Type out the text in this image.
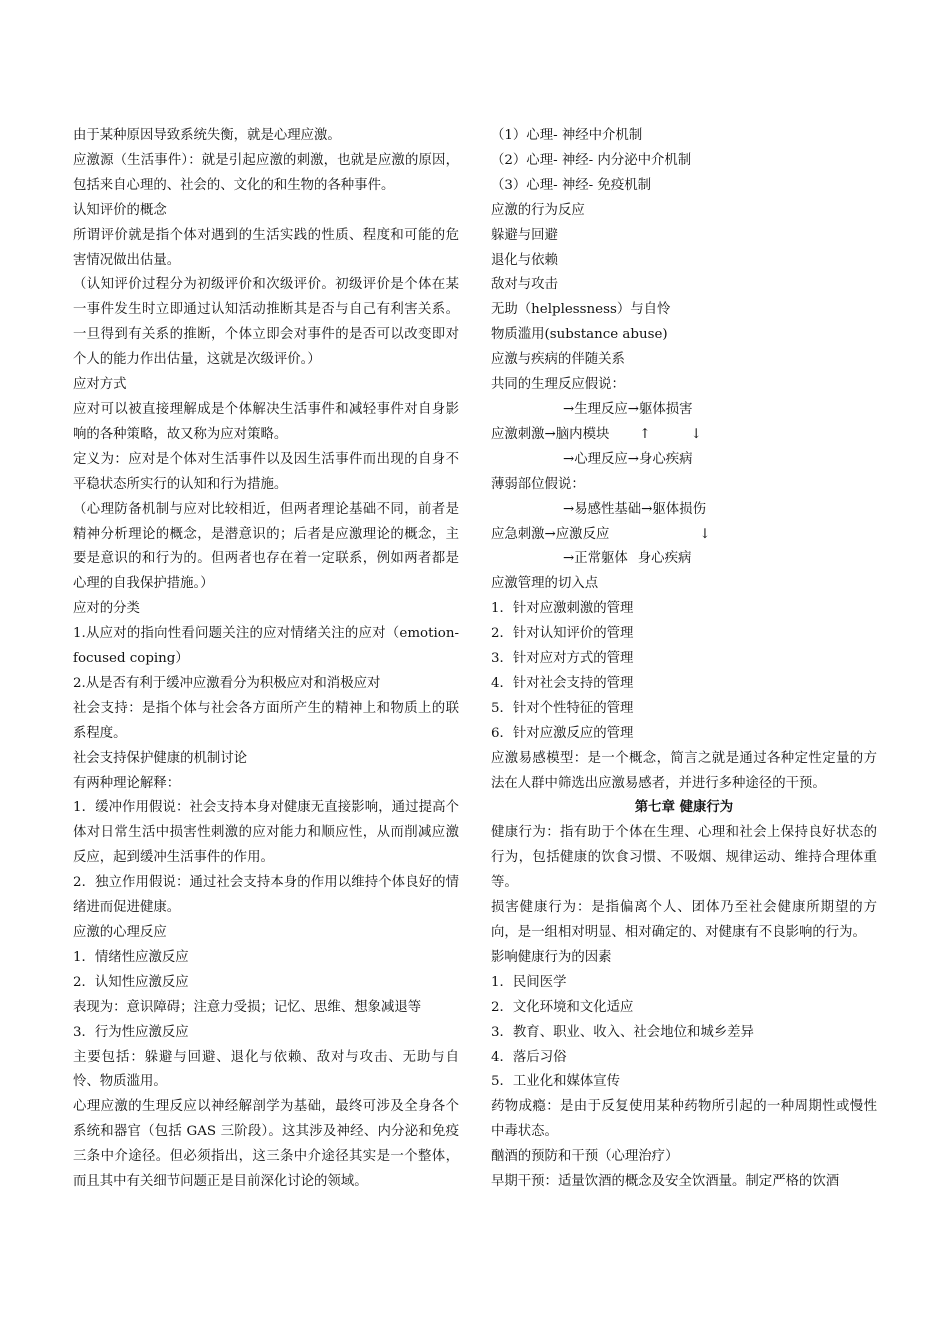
由于某种原因导致系统失衡，就是心理应激。

应激源（生活事件）：就是引起应激的刺激，也就是应激的原因，包括来自心理的、社会的、文化的和生物的各种事件。

认知评价的概念

所谓评价就是指个体对遇到的生活实践的性质、程度和可能的危害情况做出估量。

（认知评价过程分为初级评价和次级评价。初级评价是个体在某一事件发生时立即通过认知活动推断其是否与自己有利害关系。一旦得到有关系的推断，个体立即会对事件的是否可以改变即对个人的能力作出估量，这就是次级评价。）

应对方式

应对可以被直接理解成是个体解决生活事件和减轻事件对自身影响的各种策略，故又称为应对策略。

定义为：应对是个体对生活事件以及因生活事件而出现的自身不平稳状态所实行的认知和行为措施。

（心理防备机制与应对比较相近，但两者理论基础不同，前者是精神分析理论的概念，是潜意识的；后者是应激理论的概念，主要是意识的和行为的。但两者也存在着一定联系，例如两者都是心理的自我保护措施。）

应对的分类

1.从应对的指向性看问题关注的应对情绪关注的应对（emotion-focused coping）

2.从是否有利于缓冲应激看分为积极应对和消极应对

社会支持：是指个体与社会各方面所产生的精神上和物质上的联系程度。

社会支持保护健康的机制讨论

有两种理论解释：

1．缓冲作用假说：社会支持本身对健康无直接影响，通过提高个体对日常生活中损害性刺激的应对能力和顺应性，从而削减应激反应，起到缓冲生活事件的作用。

2．独立作用假说：通过社会支持本身的作用以维持个体良好的情绪进而促进健康。

应激的心理反应

1．情绪性应激反应

2．认知性应激反应

表现为：意识障碍；注意力受损；记忆、思维、想象减退等

3．行为性应激反应

主要包括：躲避与回避、退化与依赖、敌对与攻击、无助与自怜、物质滥用。

心理应激的生理反应以神经解剖学为基础，最终可涉及全身各个系统和器官（包括 GAS 三阶段）。这其涉及神经、内分泌和免疫三条中介途径。但必须指出，这三条中介途径其实是一个整体，而且其中有关细节问题正是目前深化讨论的领域。

（1）心理- 神经中介机制

（2）心理- 神经- 内分泌中介机制

（3）心理- 神经- 免疫机制

应激的行为反应

躲避与回避

退化与依赖

敌对与攻击

无助（helplessness）与自怜

物质滥用(substance abuse)

应激与疾病的伴随关系

共同的生理反应假说：

→生理反应→躯体损害

应激刺激→脑内模块 ↑	↓

→心理反应→身心疾病

薄弱部位假说：

→易感性基础→躯体损伤

应急刺激→应激反应	↓

→正常躯体 身心疾病

应激管理的切入点

1．针对应激刺激的管理

2．针对认知评价的管理

3．针对应对方式的管理

4．针对社会支持的管理

5．针对个性特征的管理

6．针对应激反应的管理

应激易感模型：是一个概念，简言之就是通过各种定性定量的方法在人群中筛选出应激易感者，并进行多种途径的干预。

第七章 健康行为

健康行为：指有助于个体在生理、心理和社会上保持良好状态的行为，包括健康的饮食习惯、不吸烟、规律运动、维持合理体重等。

损害健康行为：是指偏离个人、团体乃至社会健康所期望的方向，是一组相对明显、相对确定的、对健康有不良影响的行为。

影响健康行为的因素

1．民间医学

2．文化环境和文化适应

3．教育、职业、收入、社会地位和城乡差异

4．落后习俗

5．工业化和媒体宣传

药物成瘾：是由于反复使用某种药物所引起的一种周期性或慢性中毒状态。

酗酒的预防和干预（心理治疗）

早期干预：适量饮酒的概念及安全饮酒量。制定严格的饮酒
